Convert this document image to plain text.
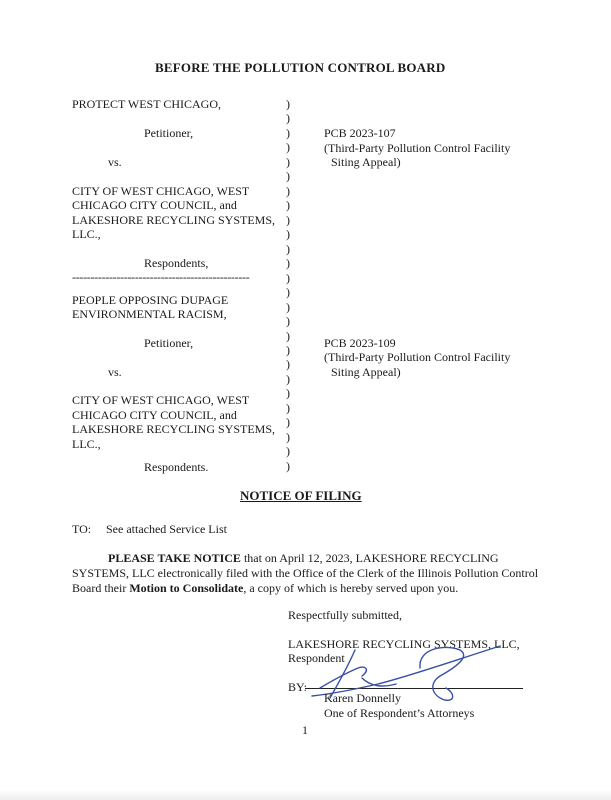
BEFORE THE POLLUTION CONTROL BOARD
PROTECT WEST CHICAGO,
Petitioner,
vs.
CITY OF WEST CHICAGO, WEST
CHICAGO CITY COUNCIL, and
LAKESHORE RECYCLING SYSTEMS,
LLC.,
Respondents,
------------------------------------------------
PCB 2023-107
(Third-Party Pollution Control Facility
Siting Appeal)
PEOPLE OPPOSING DUPAGE
ENVIRONMENTAL RACISM,
Petitioner,
vs.
CITY OF WEST CHICAGO, WEST
CHICAGO CITY COUNCIL, and
LAKESHORE RECYCLING SYSTEMS,
LLC.,
Respondents.
PCB 2023-109
(Third-Party Pollution Control Facility
Siting Appeal)
)
)
)
)
)
)
)
)
)
)
)
)
)
)
)
)
)
)
)
)
)
)
)
)
)
)
NOTICE OF FILING
TO: See attached Service List
PLEASE TAKE NOTICE that on April 12, 2023, LAKESHORE RECYCLING
SYSTEMS, LLC electronically filed with the Office of the Clerk of the Illinois Pollution Control
Board their Motion to Consolidate, a copy of which is hereby served upon you.
Respectfully submitted,
LAKESHORE RECYCLING SYSTEMS, LLC,
Respondent
BY:
Karen Donnelly
One of Respondent’s Attorneys
1
